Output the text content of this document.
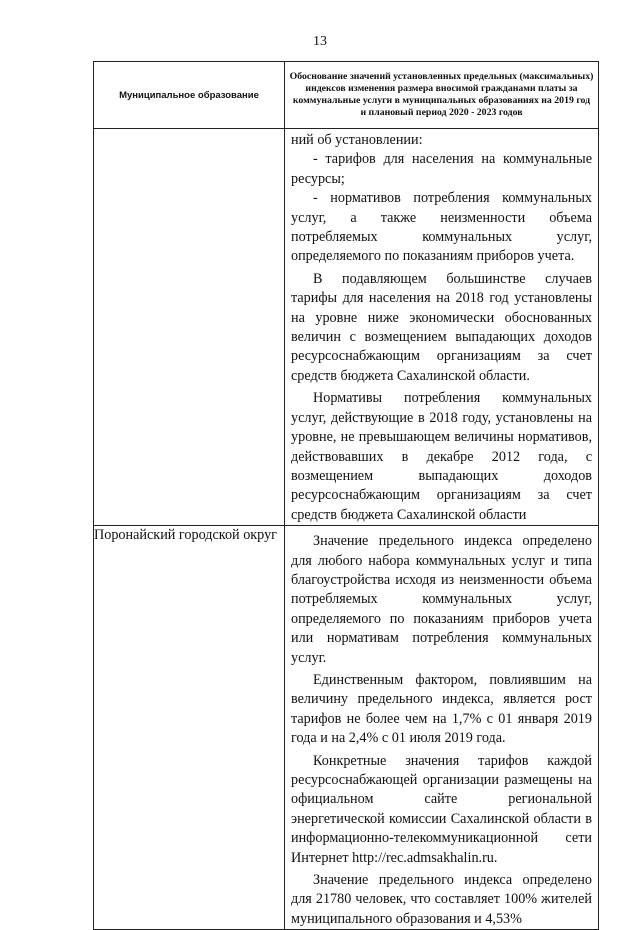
13
Муниципальное образование	Обоснование значений установленных предельных (максимальных) индексов изменения размера вносимой гражданами платы за коммунальные услуги в муниципальных образованиях на 2019 год и плановый период 2020 - 2023 годов

	ний об установлении:

- тарифов для населения на коммунальные ресурсы;

- нормативов потребления коммунальных услуг, а также неизменности объема потребляемых коммунальных услуг, определяемого по показаниям приборов учета.

В подавляющем большинстве случаев тарифы для населения на 2018 год установлены на уровне ниже экономически обоснованных величин с возмещением выпадающих доходов ресурсоснабжающим организациям за счет средств бюджета Сахалинской области.

Нормативы потребления коммунальных услуг, действующие в 2018 году, установлены на уровне, не превышающем величины нормативов, действовавших в декабре 2012 года, с возмещением выпадающих доходов ресурсоснабжающим организациям за счет средств бюджета Сахалинской области

Поронайский городской округ	Значение предельного индекса определено для любого набора коммунальных услуг и типа благоустройства исходя из неизменности объема потребляемых коммунальных услуг, определяемого по показаниям приборов учета или нормативам потребления коммунальных услуг.

Единственным фактором, повлиявшим на величину предельного индекса, является рост тарифов не более чем на 1,7% с 01 января 2019 года и на 2,4% с 01 июля 2019 года.

Конкретные значения тарифов каждой ресурсоснабжающей организации размещены на официальном сайте региональной энергетической комиссии Сахалинской области в информационно-телекоммуникационной сети Интернет http://rec.admsakhalin.ru.

Значение предельного индекса определено для 21780 человек, что составляет 100% жителей муниципального образования и 4,53%
